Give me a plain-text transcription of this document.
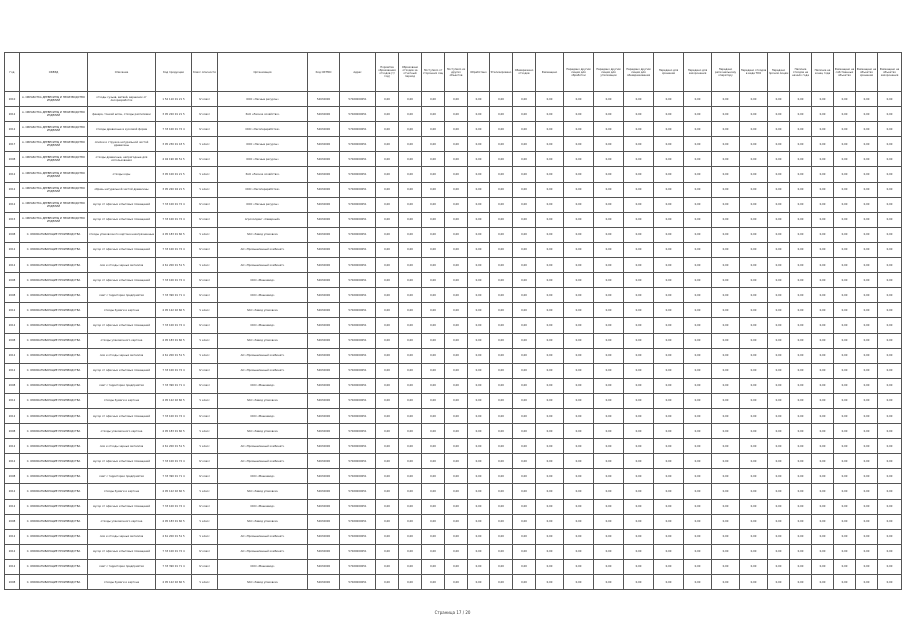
Год	ОКВЭД	Описание	Код продукции	Класс опасности	Организация	Код ОКТМО	Адрес	Норматив образования отходов (т/год)	Образовано отходов за отчетный период	Поступило от сторонних лиц	Поступило из других объектов	Обработано	Утилизировано	Обезврежено отходов	Размещено	Передано другим лицам для обработки	Передано другим лицам для утилизации	Передано другим лицам для обезвреживания	Передано для хранения	Передано для захоронения	Передано региональному оператору	Передано отходов в виде ТКО	Передано прочим лицам	Наличие отходов на начало года	Наличие на конец года	Размещено на собственных объектах	Размещено на объектах хранения	Размещено на объектах захоронения
2010	А. ОБРАБОТКА ДРЕВЕСИНЫ И ПРОИЗВОДСТВО ИЗДЕЛИЙ	отходы сучьев, ветвей, вершинок от лесоразработок	1 52 110 01 21 5	IV класс	ООО «Лесные ресурсы»	54632000	57020000051	0,00	0,00	0,00	0,00	0,00	0,00	0,00	0,00	0,00	0,00	0,00	0,00	0,00	0,00	0,00	0,00	0,00	0,00	0,00	0,00	0,00
2012	А. ОБРАБОТКА ДРЕВЕСИНЫ И ПРОИЗВОДСТВО ИЗДЕЛИЙ	фанера, тонкий шпон, отходы распиловки	3 05 220 01 21 5	IV класс	ЗАО «Лесное хозяйство»	54632000	57020000051	0,00	0,00	0,00	0,00	0,00	0,00	0,00	0,00	0,00	0,00	0,00	0,00	0,00	0,00	0,00	0,00	0,00	0,00	0,00	0,00	0,00
2012	А. ОБРАБОТКА ДРЕВЕСИНЫ И ПРОИЗВОДСТВО ИЗДЕЛИЙ	отходы древесные в кусковой форме	7 33 100 01 72 4	IV класс	ООО «Лесопереработка»	54632000	57020000051	0,00	0,00	0,00	0,00	0,00	0,00	0,00	0,00	0,00	0,00	0,00	0,00	0,00	0,00	0,00	0,00	0,00	0,00	0,00	0,00	0,00
2017	А. ОБРАБОТКА ДРЕВЕСИНЫ И ПРОИЗВОДСТВО ИЗДЕЛИЙ	опилки и стружка натуральной чистой древесины	3 05 230 01 43 5	V класс	ООО «Лесные ресурсы»	54632000	57020000051	0,00	0,00	0,00	0,00	0,00	0,00	0,00	0,00	0,00	0,00	0,00	0,00	0,00	0,00	0,00	0,00	0,00	0,00	0,00	0,00	0,00
2008	А. ОБРАБОТКА ДРЕВЕСИНЫ И ПРОИЗВОДСТВО ИЗДЕЛИЙ	отходы древесные, непригодные для использования	4 04 190 00 51 5	IV класс	ООО «Лесные ресурсы»	54632000	57020000051	0,00	0,00	0,00	0,00	0,00	0,00	0,00	0,00	0,00	0,00	0,00	0,00	0,00	0,00	0,00	0,00	0,00	0,00	0,00	0,00	0,00
2012	А. ОБРАБОТКА ДРЕВЕСИНЫ И ПРОИЗВОДСТВО ИЗДЕЛИЙ	отходы коры	3 05 100 01 21 5	V класс	ЗАО «Лесное хозяйство»	54632000	57020000051	0,00	0,00	0,00	0,00	0,00	0,00	0,00	0,00	0,00	0,00	0,00	0,00	0,00	0,00	0,00	0,00	0,00	0,00	0,00	0,00	0,00
2012	А. ОБРАБОТКА ДРЕВЕСИНЫ И ПРОИЗВОДСТВО ИЗДЕЛИЙ	обрезь натуральной чистой древесины	3 05 220 04 21 5	V класс	ООО «Лесопереработка»	54632000	57020000051	0,00	0,00	0,00	0,00	0,00	0,00	0,00	0,00	0,00	0,00	0,00	0,00	0,00	0,00	0,00	0,00	0,00	0,00	0,00	0,00	0,00
2012	А. ОБРАБОТКА ДРЕВЕСИНЫ И ПРОИЗВОДСТВО ИЗДЕЛИЙ	мусор от офисных и бытовых помещений	7 33 100 01 72 4	IV класс	ООО «Лесные ресурсы»	54632000	57020000051	0,00	0,00	0,00	0,00	0,00	0,00	0,00	0,00	0,00	0,00	0,00	0,00	0,00	0,00	0,00	0,00	0,00	0,00	0,00	0,00	0,00
2015	А. ОБРАБОТКА ДРЕВЕСИНЫ И ПРОИЗВОДСТВО ИЗДЕЛИЙ	мусор от офисных и бытовых помещений	7 33 100 01 72 4	IV класс	Агрохолдинг «Северный»	54632000	57020000051	0,00	0,00	0,00	0,00	0,00	0,00	0,00	0,00	0,00	0,00	0,00	0,00	0,00	0,00	0,00	0,00	0,00	0,00	0,00	0,00	0,00
2008	С. ОБРАБАТЫВАЮЩИЕ ПРОИЗВОДСТВА	отходы упаковочного картона незагрязненные	4 05 183 01 60 5	V класс	ЗАО «Завод упаковки»	54632000	57020000051	0,00	0,00	0,00	0,00	0,00	0,00	0,00	0,00	0,00	0,00	0,00	0,00	0,00	0,00	0,00	0,00	0,00	0,00	0,00	0,00	0,00
2012	С. ОБРАБАТЫВАЮЩИЕ ПРОИЗВОДСТВА	мусор от офисных и бытовых помещений	7 33 100 01 72 4	IV класс	АО «Промышленный комбинат»	54632000	57020000051	0,00	0,00	0,00	0,00	0,00	0,00	0,00	0,00	0,00	0,00	0,00	0,00	0,00	0,00	0,00	0,00	0,00	0,00	0,00	0,00	0,00
2012	С. ОБРАБАТЫВАЮЩИЕ ПРОИЗВОДСТВА	лом и отходы черных металлов	4 61 200 01 51 5	V класс	АО «Промышленный комбинат»	54632000	57020000051	0,00	0,00	0,00	0,00	0,00	0,00	0,00	0,00	0,00	0,00	0,00	0,00	0,00	0,00	0,00	0,00	0,00	0,00	0,00	0,00	0,00
2008	С. ОБРАБАТЫВАЮЩИЕ ПРОИЗВОДСТВА	мусор от офисных и бытовых помещений	7 33 100 01 72 4	IV класс	ООО «Машзавод»	54632000	57020000051	0,00	0,00	0,00	0,00	0,00	0,00	0,00	0,00	0,00	0,00	0,00	0,00	0,00	0,00	0,00	0,00	0,00	0,00	0,00	0,00	0,00
2008	С. ОБРАБАТЫВАЮЩИЕ ПРОИЗВОДСТВА	смет с территории предприятия	7 33 390 01 71 4	IV класс	ООО «Машзавод»	54632000	57020000051	0,00	0,00	0,00	0,00	0,00	0,00	0,00	0,00	0,00	0,00	0,00	0,00	0,00	0,00	0,00	0,00	0,00	0,00	0,00	0,00	0,00
2012	С. ОБРАБАТЫВАЮЩИЕ ПРОИЗВОДСТВА	отходы бумаги и картона	4 05 122 02 60 5	V класс	ЗАО «Завод упаковки»	54632000	57020000051	0,00	0,00	0,00	0,00	0,00	0,00	0,00	0,00	0,00	0,00	0,00	0,00	0,00	0,00	0,00	0,00	0,00	0,00	0,00	0,00	0,00
2012	С. ОБРАБАТЫВАЮЩИЕ ПРОИЗВОДСТВА	мусор от офисных и бытовых помещений	7 33 100 01 72 4	IV класс	ООО «Машзавод»	54632000	57020000051	0,00	0,00	0,00	0,00	0,00	0,00	0,00	0,00	0,00	0,00	0,00	0,00	0,00	0,00	0,00	0,00	0,00	0,00	0,00	0,00	0,00
2008	С. ОБРАБАТЫВАЮЩИЕ ПРОИЗВОДСТВА	отходы упаковочного картона	4 05 183 01 60 5	V класс	ЗАО «Завод упаковки»	54632000	57020000051	0,00	0,00	0,00	0,00	0,00	0,00	0,00	0,00	0,00	0,00	0,00	0,00	0,00	0,00	0,00	0,00	0,00	0,00	0,00	0,00	0,00
2012	С. ОБРАБАТЫВАЮЩИЕ ПРОИЗВОДСТВА	лом и отходы черных металлов	4 61 200 01 51 5	V класс	АО «Промышленный комбинат»	54632000	57020000051	0,00	0,00	0,00	0,00	0,00	0,00	0,00	0,00	0,00	0,00	0,00	0,00	0,00	0,00	0,00	0,00	0,00	0,00	0,00	0,00	0,00
2012	С. ОБРАБАТЫВАЮЩИЕ ПРОИЗВОДСТВА	мусор от офисных и бытовых помещений	7 33 100 01 72 4	IV класс	АО «Промышленный комбинат»	54632000	57020000051	0,00	0,00	0,00	0,00	0,00	0,00	0,00	0,00	0,00	0,00	0,00	0,00	0,00	0,00	0,00	0,00	0,00	0,00	0,00	0,00	0,00
2008	С. ОБРАБАТЫВАЮЩИЕ ПРОИЗВОДСТВА	смет с территории предприятия	7 33 390 01 71 4	IV класс	ООО «Машзавод»	54632000	57020000051	0,00	0,00	0,00	0,00	0,00	0,00	0,00	0,00	0,00	0,00	0,00	0,00	0,00	0,00	0,00	0,00	0,00	0,00	0,00	0,00	0,00
2012	С. ОБРАБАТЫВАЮЩИЕ ПРОИЗВОДСТВА	отходы бумаги и картона	4 05 122 02 60 5	V класс	ЗАО «Завод упаковки»	54632000	57020000051	0,00	0,00	0,00	0,00	0,00	0,00	0,00	0,00	0,00	0,00	0,00	0,00	0,00	0,00	0,00	0,00	0,00	0,00	0,00	0,00	0,00
2012	С. ОБРАБАТЫВАЮЩИЕ ПРОИЗВОДСТВА	мусор от офисных и бытовых помещений	7 33 100 01 72 4	IV класс	ООО «Машзавод»	54632000	57020000051	0,00	0,00	0,00	0,00	0,00	0,00	0,00	0,00	0,00	0,00	0,00	0,00	0,00	0,00	0,00	0,00	0,00	0,00	0,00	0,00	0,00
2008	С. ОБРАБАТЫВАЮЩИЕ ПРОИЗВОДСТВА	отходы упаковочного картона	4 05 183 01 60 5	V класс	ЗАО «Завод упаковки»	54632000	57020000051	0,00	0,00	0,00	0,00	0,00	0,00	0,00	0,00	0,00	0,00	0,00	0,00	0,00	0,00	0,00	0,00	0,00	0,00	0,00	0,00	0,00
2012	С. ОБРАБАТЫВАЮЩИЕ ПРОИЗВОДСТВА	лом и отходы черных металлов	4 61 200 01 51 5	V класс	АО «Промышленный комбинат»	54632000	57020000051	0,00	0,00	0,00	0,00	0,00	0,00	0,00	0,00	0,00	0,00	0,00	0,00	0,00	0,00	0,00	0,00	0,00	0,00	0,00	0,00	0,00
2012	С. ОБРАБАТЫВАЮЩИЕ ПРОИЗВОДСТВА	мусор от офисных и бытовых помещений	7 33 100 01 72 4	IV класс	АО «Промышленный комбинат»	54632000	57020000051	0,00	0,00	0,00	0,00	0,00	0,00	0,00	0,00	0,00	0,00	0,00	0,00	0,00	0,00	0,00	0,00	0,00	0,00	0,00	0,00	0,00
2008	С. ОБРАБАТЫВАЮЩИЕ ПРОИЗВОДСТВА	смет с территории предприятия	7 33 390 01 71 4	IV класс	ООО «Машзавод»	54632000	57020000051	0,00	0,00	0,00	0,00	0,00	0,00	0,00	0,00	0,00	0,00	0,00	0,00	0,00	0,00	0,00	0,00	0,00	0,00	0,00	0,00	0,00
2012	С. ОБРАБАТЫВАЮЩИЕ ПРОИЗВОДСТВА	отходы бумаги и картона	4 05 122 02 60 5	V класс	ЗАО «Завод упаковки»	54632000	57020000051	0,00	0,00	0,00	0,00	0,00	0,00	0,00	0,00	0,00	0,00	0,00	0,00	0,00	0,00	0,00	0,00	0,00	0,00	0,00	0,00	0,00
2012	С. ОБРАБАТЫВАЮЩИЕ ПРОИЗВОДСТВА	мусор от офисных и бытовых помещений	7 33 100 01 72 4	IV класс	ООО «Машзавод»	54632000	57020000051	0,00	0,00	0,00	0,00	0,00	0,00	0,00	0,00	0,00	0,00	0,00	0,00	0,00	0,00	0,00	0,00	0,00	0,00	0,00	0,00	0,00
2008	С. ОБРАБАТЫВАЮЩИЕ ПРОИЗВОДСТВА	отходы упаковочного картона	4 05 183 01 60 5	V класс	ЗАО «Завод упаковки»	54632000	57020000051	0,00	0,00	0,00	0,00	0,00	0,00	0,00	0,00	0,00	0,00	0,00	0,00	0,00	0,00	0,00	0,00	0,00	0,00	0,00	0,00	0,00
2012	С. ОБРАБАТЫВАЮЩИЕ ПРОИЗВОДСТВА	лом и отходы черных металлов	4 61 200 01 51 5	V класс	АО «Промышленный комбинат»	54632000	57020000051	0,00	0,00	0,00	0,00	0,00	0,00	0,00	0,00	0,00	0,00	0,00	0,00	0,00	0,00	0,00	0,00	0,00	0,00	0,00	0,00	0,00
2012	С. ОБРАБАТЫВАЮЩИЕ ПРОИЗВОДСТВА	мусор от офисных и бытовых помещений	7 33 100 01 72 4	IV класс	АО «Промышленный комбинат»	54632000	57020000051	0,00	0,00	0,00	0,00	0,00	0,00	0,00	0,00	0,00	0,00	0,00	0,00	0,00	0,00	0,00	0,00	0,00	0,00	0,00	0,00	0,00
2012	С. ОБРАБАТЫВАЮЩИЕ ПРОИЗВОДСТВА	смет с территории предприятия	7 33 390 01 71 4	IV класс	ООО «Машзавод»	54632000	57020000051	0,00	0,00	0,00	0,00	0,00	0,00	0,00	0,00	0,00	0,00	0,00	0,00	0,00	0,00	0,00	0,00	0,00	0,00	0,00	0,00	0,00
2008	С. ОБРАБАТЫВАЮЩИЕ ПРОИЗВОДСТВА	отходы бумаги и картона	4 05 122 02 60 5	V класс	ЗАО «Завод упаковки»	54632000	57020000051	0,00	0,00	0,00	0,00	0,00	0,00	0,00	0,00	0,00	0,00	0,00	0,00	0,00	0,00	0,00	0,00	0,00	0,00	0,00	0,00	0,00
Страница 17 / 20
